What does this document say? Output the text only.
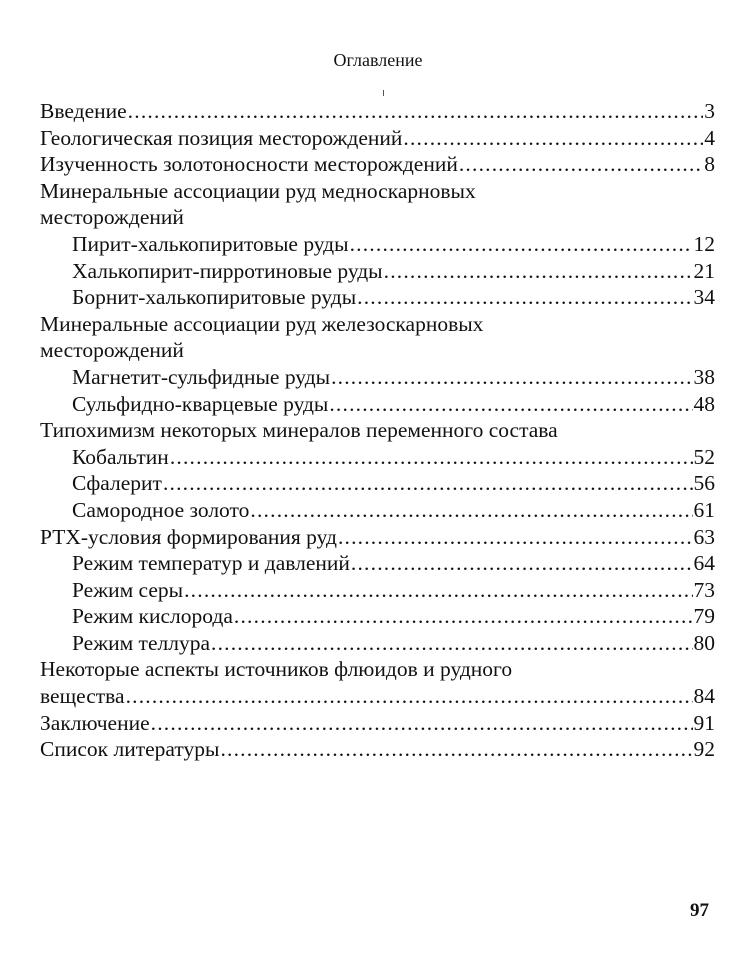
Оглавление
Введение .....	3
Геологическая позиция месторождений .....	4
Изученность золотоносности месторождений .....	8
Минеральные ассоциации руд медноскарновых
месторождений
Пирит-халькопиритовые руды .....	12
Халькопирит-пирротиновые руды .....	21
Борнит-халькопиритовые руды .....	34
Минеральные ассоциации руд железоскарновых
месторождений
Магнетит-сульфидные руды .....	38
Сульфидно-кварцевые руды .....	48
Типохимизм некоторых минералов переменного состава
Кобальтин .....	52
Сфалерит .....	56
Самородное золото .....	61
РТХ-условия формирования руд .....	63
Режим температур и давлений .....	64
Режим серы .....	73
Режим кислорода .....	79
Режим теллура .....	80
Некоторые аспекты источников флюидов и рудного
вещества .....	84
Заключение .....	91
Список литературы .....	92
97
